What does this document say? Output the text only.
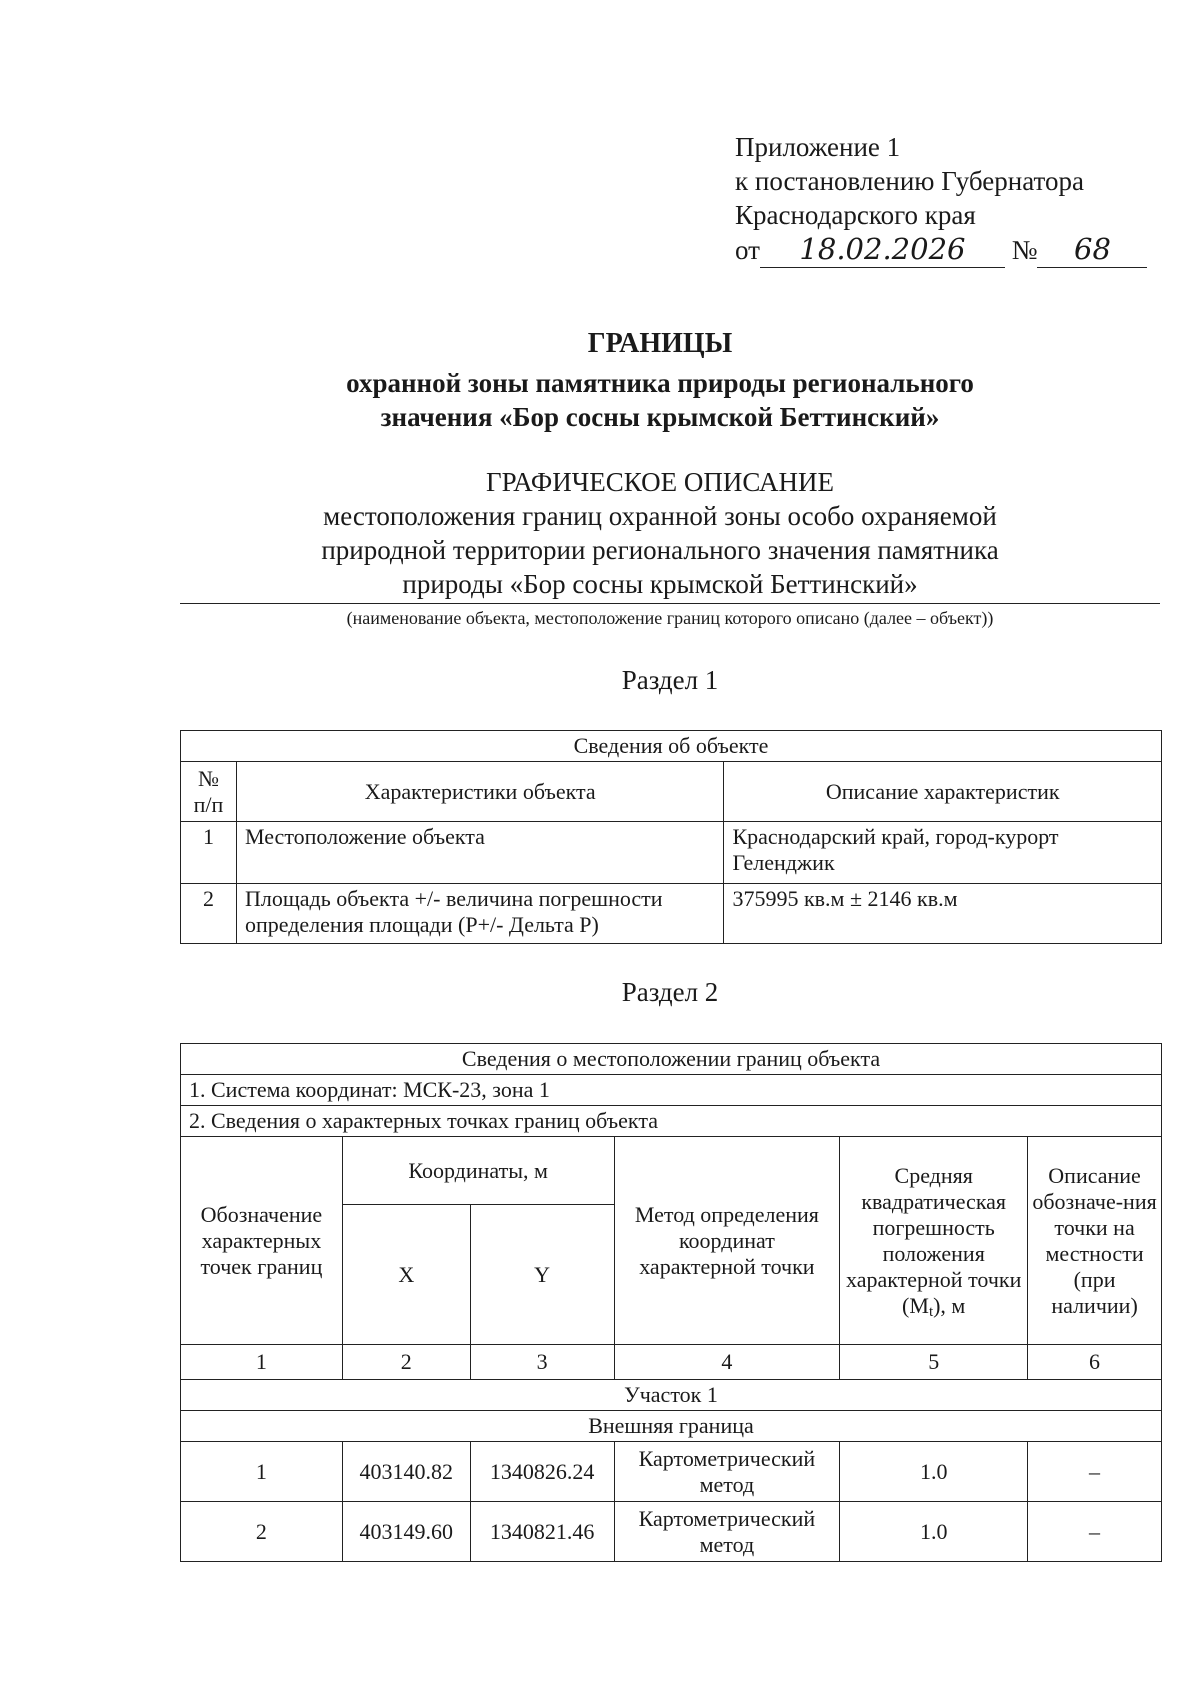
Приложение 1
к постановлению Губернатора
Краснодарского края
от 18.02.2026 № 68
ГРАНИЦЫ
охранной зоны памятника природы регионального
значения «Бор сосны крымской Беттинский»
ГРАФИЧЕСКОЕ ОПИСАНИЕ
местоположения границ охранной зоны особо охраняемой
природной территории регионального значения памятника
природы «Бор сосны крымской Беттинский»
(наименование объекта, местоположение границ которого описано (далее – объект))
Раздел 1
Сведения об объекте		
№ п/п	Характеристики объекта	Описание характеристик
1	Местоположение объекта	Краснодарский край, город-курорт Геленджик
2	Площадь объекта +/- величина погрешности определения площади (P+/- Дельта P)	375995 кв.м ± 2146 кв.м
Раздел 2
Сведения о местоположении границ объекта					
1. Система координат: МСК-23, зона 1					
2. Сведения о характерных точках границ объекта					
Обозначение характерных точек границ	Координаты, м		Метод определения координат характерной точки	Средняя квадратическая погрешность положения характерной точки (Mt), м	Описание обозначе-ния точки на местности (при наличии)
	X	Y			
1	2	3	4	5	6
Участок 1					
Внешняя граница					
1	403140.82	1340826.24	Картометрический метод	1.0	–
2	403149.60	1340821.46	Картометрический метод	1.0	–
